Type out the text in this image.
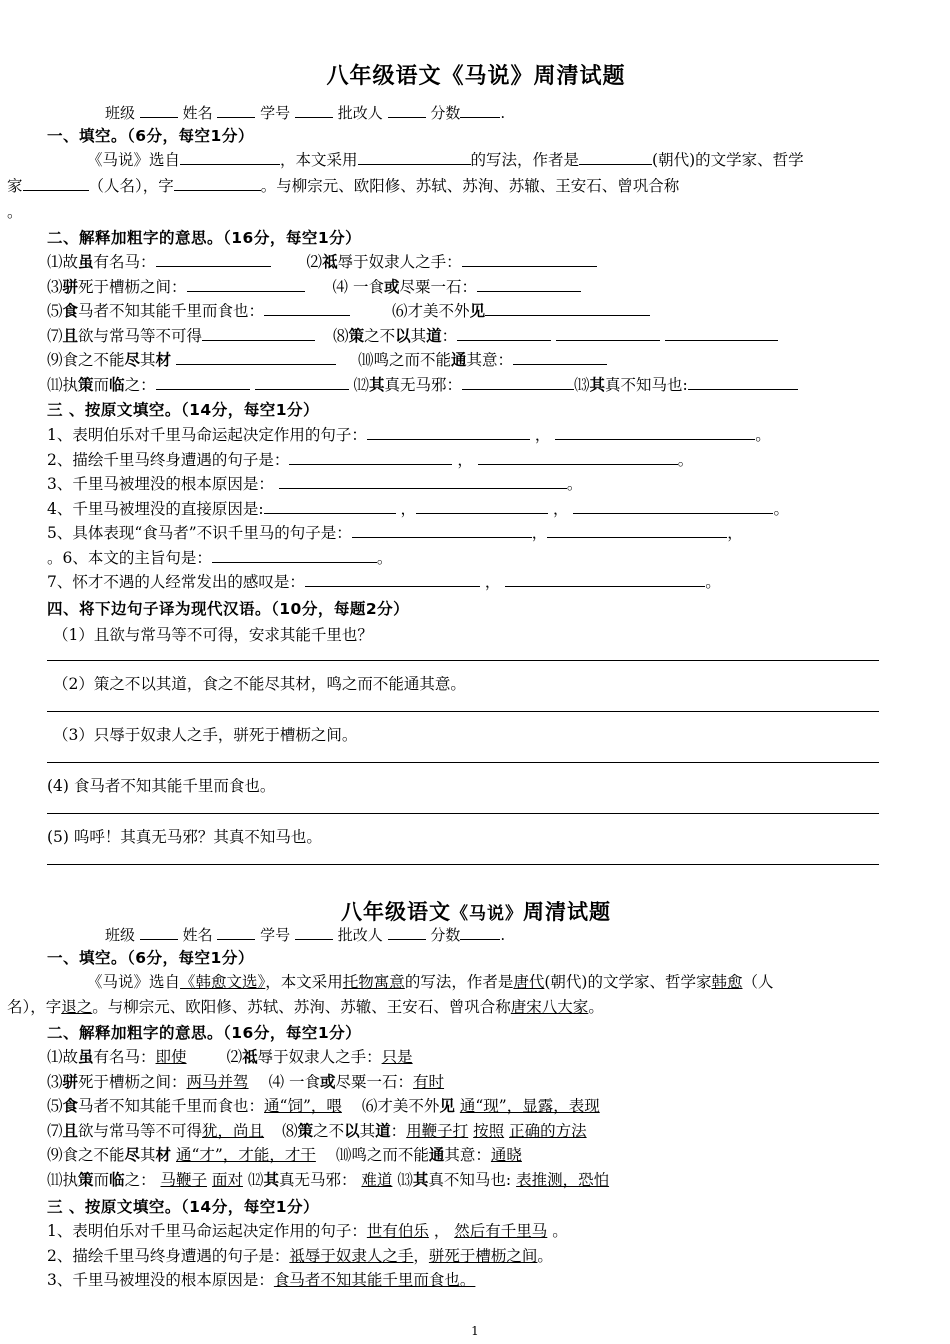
八年级语文《马说》周清试题
班级	姓名	学号	批改人	分数	.
一、填空。（6分，每空1分）
《马说》选自	，本文采用	的写法，作者是	(朝代)的文学家、哲学
家	（人名），字	。与柳宗元、欧阳修、苏轼、苏洵、苏辙、王安石、曾巩合称
。
二、解释加粗字的意思。（16分，每空1分）
⑴故虽有名马：	⑵祗辱于奴隶人之手：
⑶骈死于槽枥之间：	⑷ 一食或尽粟一石：
⑸食马者不知其能千里而食也：	⑹才美不外见
⑺且欲与常马等不可得	⑻策之不以其道：
⑼食之不能尽其材	⑽鸣之而不能通其意：
⑾执策而临之：	⑿其真无马邪：	⒀其真不知马也:
三 、按原文填空。（14分，每空1分）
1、表明伯乐对千里马命运起决定作用的句子：	，	。
2、描绘千里马终身遭遇的句子是：	，	。
3、千里马被埋没的根本原因是：	。
4、千里马被埋没的直接原因是:	，	，	。
5、具体表现“食马者”不识千里马的句子是：	，	，
。6、本文的主旨句是：	。
7、怀才不遇的人经常发出的感叹是：	，	。
四、将下边句子译为现代汉语。（10分，每题2分）
（1）且欲与常马等不可得，安求其能千里也？
（2）策之不以其道，食之不能尽其材，鸣之而不能通其意。
（3）只辱于奴隶人之手，骈死于槽枥之间。
(4) 食马者不知其能千里而食也。
(5) 呜呼！其真无马邪？其真不知马也。
八年级语文《马说》周清试题
班级	姓名	学号	批改人	分数	.
一、填空。（6分，每空1分）
《马说》选自《韩愈文选》，本文采用托物寓意的写法，作者是唐代(朝代)的文学家、哲学家韩愈（人
名），字退之。与柳宗元、欧阳修、苏轼、苏洵、苏辙、王安石、曾巩合称唐宋八大家。
二、解释加粗字的意思。（16分，每空1分）
⑴故虽有名马：即使	⑵祗辱于奴隶人之手：只是
⑶骈死于槽枥之间：两马并驾 ⑷ 一食或尽粟一石：有时
⑸食马者不知其能千里而食也：通“饲”，喂 ⑹才美不外见 通“现”，显露，表现
⑺且欲与常马等不可得犹，尚且 ⑻策之不以其道：用鞭子打 按照 正确的方法
⑼食之不能尽其材 通“才”，才能，才干 ⑽鸣之而不能通其意：通晓
⑾执策而临之： 马鞭子 面对 ⑿其真无马邪： 难道 ⒀其真不知马也: 表推测，恐怕
三 、按原文填空。（14分，每空1分）
1、表明伯乐对千里马命运起决定作用的句子：世有伯乐 ， 然后有千里马 。
2、描绘千里马终身遭遇的句子是：祗辱于奴隶人之手，骈死于槽枥之间。
3、千里马被埋没的根本原因是：食马者不知其能千里而食也。
1
